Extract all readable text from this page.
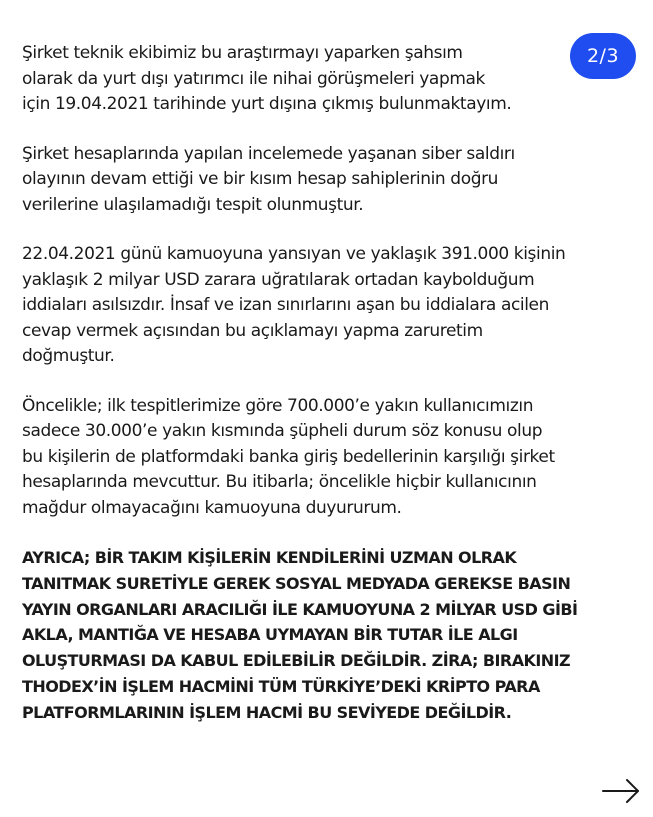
2/3

Şirket teknik ekibimiz bu araştırmayı yaparken şahsım
olarak da yurt dışı yatırımcı ile nihai görüşmeleri yapmak
için 19.04.2021 tarihinde yurt dışına çıkmış bulunmaktayım.

Şirket hesaplarında yapılan incelemede yaşanan siber saldırı
olayının devam ettiği ve bir kısım hesap sahiplerinin doğru
verilerine ulaşılamadığı tespit olunmuştur.

22.04.2021 günü kamuoyuna yansıyan ve yaklaşık 391.000 kişinin
yaklaşık 2 milyar USD zarara uğratılarak ortadan kaybolduğum
iddiaları asılsızdır. İnsaf ve izan sınırlarını aşan bu iddialara acilen
cevap vermek açısından bu açıklamayı yapma zaruretim
doğmuştur.

Öncelikle; ilk tespitlerimize göre 700.000’e yakın kullanıcımızın
sadece 30.000’e yakın kısmında şüpheli durum söz konusu olup
bu kişilerin de platformdaki banka giriş bedellerinin karşılığı şirket
hesaplarında mevcuttur. Bu itibarla; öncelikle hiçbir kullanıcının
mağdur olmayacağını kamuoyuna duyururum.

AYRICA; BİR TAKIM KİŞİLERİN KENDİLERİNİ UZMAN OLRAK
TANITMAK SURETİYLE GEREK SOSYAL MEDYADA GEREKSE BASIN
YAYIN ORGANLARI ARACILIĞI İLE KAMUOYUNA 2 MİLYAR USD GİBİ
AKLA, MANTIĞA VE HESABA UYMAYAN BİR TUTAR İLE ALGI
OLUŞTURMASI DA KABUL EDİLEBİLİR DEĞİLDİR. ZİRA; BIRAKINIZ
THODEX’İN İŞLEM HACMİNİ TÜM TÜRKİYE’DEKİ KRİPTO PARA
PLATFORMLARININ İŞLEM HACMİ BU SEVİYEDE DEĞİLDİR.
